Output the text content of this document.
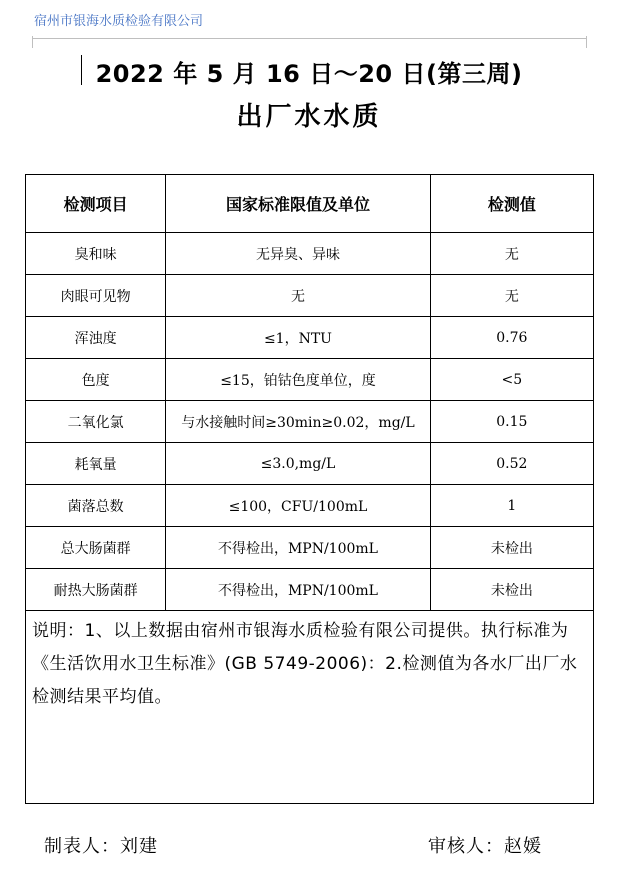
宿州市银海水质检验有限公司
2022 年 5 月 16 日～20 日(第三周)
出厂水水质
检测项目	国家标准限值及单位	检测值
臭和味	无异臭、异味	无
肉眼可见物	无	无
浑浊度	≤1，NTU	0.76
色度	≤15，铂钴色度单位，度	<5
二氧化氯	与水接触时间≥30min≥0.02，mg/L	0.15
耗氧量	≤3.0,mg/L	0.52
菌落总数	≤100，CFU/100mL	1
总大肠菌群	不得检出，MPN/100mL	未检出
耐热大肠菌群	不得检出，MPN/100mL	未检出
说明：1、以上数据由宿州市银海水质检验有限公司提供。执行标准为《生活饮用水卫生标准》(GB 5749-2006)：2.检测值为各水厂出厂水检测结果平均值。		
制表人：刘建	审核人：赵媛
